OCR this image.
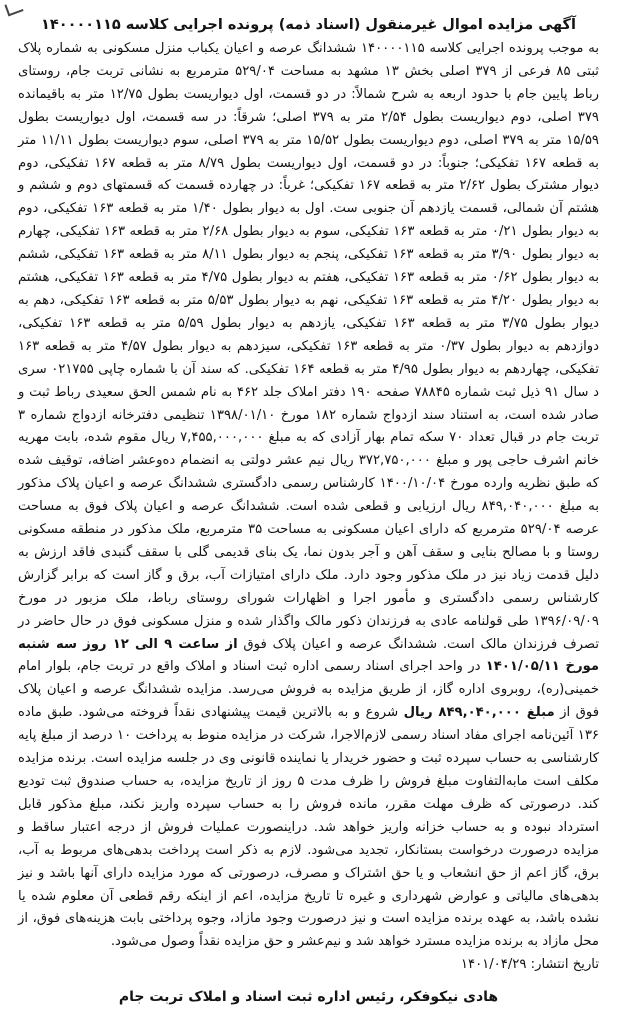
آگهی مزایده اموال غیرمنقول (اسناد ذمه) پرونده اجرایی کلاسه ۱۴۰۰۰۰۱۱۵

به موجب پرونده اجرایی کلاسه ۱۴۰۰۰۰۱۱۵ ششدانگ عرصه و اعیان یکباب منزل مسکونی به شماره پلاک ثبتی ۸۵ فرعی از ۳۷۹ اصلی بخش ۱۳ مشهد به مساحت ۵۲۹/۰۴ مترمربع به نشانی تربت جام، روستای رباط پایین جام با حدود اربعه به شرح شمالاً: در دو قسمت، اول دیواریست بطول ۱۲/۷۵ متر به باقیمانده ۳۷۹ اصلی، دوم دیواریست بطول ۲/۵۴ متر به ۳۷۹ اصلی؛ شرقاً: در سه قسمت، اول دیواریست بطول ۱۵/۵۹ متر به ۳۷۹ اصلی، دوم دیواریست بطول ۱۵/۵۲ متر به ۳۷۹ اصلی، سوم دیواریست بطول ۱۱/۱۱ متر به قطعه ۱۶۷ تفکیکی؛ جنوباً: در دو قسمت، اول دیواریست بطول ۸/۷۹ متر به قطعه ۱۶۷ تفکیکی، دوم دیوار مشترک بطول ۲/۶۲ متر به قطعه ۱۶۷ تفکیکی؛ غرباً: در چهارده قسمت که قسمتهای دوم و ششم و هشتم آن شمالی، قسمت یازدهم آن جنوبی ست. اول به دیوار بطول ۱/۴۰ متر به قطعه ۱۶۳ تفکیکی، دوم به دیوار بطول ۰/۲۱ متر به قطعه ۱۶۳ تفکیکی، سوم به دیوار بطول ۲/۶۸ متر به قطعه ۱۶۳ تفکیکی، چهارم به دیوار بطول ۳/۹۰ متر به قطعه ۱۶۳ تفکیکی، پنجم به دیوار بطول ۸/۱۱ متر به قطعه ۱۶۳ تفکیکی، ششم به دیوار بطول ۰/۶۲ متر به قطعه ۱۶۳ تفکیکی، هفتم به دیوار بطول ۴/۷۵ متر به قطعه ۱۶۳ تفکیکی، هشتم به دیوار بطول ۴/۲۰ متر به قطعه ۱۶۳ تفکیکی، نهم به دیوار بطول ۵/۵۳ متر به قطعه ۱۶۳ تفکیکی، دهم به دیوار بطول ۳/۷۵ متر به قطعه ۱۶۳ تفکیکی، یازدهم به دیوار بطول ۵/۵۹ متر به قطعه ۱۶۳ تفکیکی، دوازدهم به دیوار بطول ۰/۳۷ متر به قطعه ۱۶۳ تفکیکی، سیزدهم به دیوار بطول ۴/۵۷ متر به قطعه ۱۶۳ تفکیکی، چهاردهم به دیوار بطول ۴/۹۵ متر به قطعه ۱۶۴ تفکیکی. که سند آن با شماره چاپی ۰۲۱۷۵۵ سری د سال ۹۱ ذیل ثبت شماره ۷۸۸۴۵ صفحه ۱۹۰ دفتر املاک جلد ۴۶۲ به نام شمس الحق سعیدی رباط ثبت و صادر شده است، به استناد سند ازدواج شماره ۱۸۲ مورخ ۱۳۹۸/۰۱/۱۰ تنظیمی دفترخانه ازدواج شماره ۳ تربت جام در قبال تعداد ۷۰ سکه تمام بهار آزادی که به مبلغ ۷,۴۵۵,۰۰۰,۰۰۰ ریال مقوم شده، بابت مهریه خانم اشرف حاجی پور و مبلغ ۳۷۲,۷۵۰,۰۰۰ ریال نیم عشر دولتی به انضمام ده‌وعشر اضافه، توقیف شده که طبق نظریه وارده مورخ ۱۴۰۰/۱۰/۰۴ کارشناس رسمی دادگستری ششدانگ عرصه و اعیان پلاک مذکور به مبلغ ۸۴۹,۰۴۰,۰۰۰ ریال ارزیابی و قطعی شده است. ششدانگ عرصه و اعیان پلاک فوق به مساحت عرصه ۵۲۹/۰۴ مترمربع که دارای اعیان مسکونی به مساحت ۳۵ مترمربع، ملک مذکور در منطقه مسکونی روستا و با مصالح بنایی و سقف آهن و آجر بدون نما، یک بنای قدیمی گلی با سقف گنبدی فاقد ارزش به دلیل قدمت زیاد نیز در ملک مذکور وجود دارد. ملک دارای امتیازات آب، برق و گاز است که برابر گزارش کارشناس رسمی دادگستری و مأمور اجرا و اظهارات شورای روستای رباط، ملک مزبور در مورخ ۱۳۹۶/۰۹/۰۹ طی قولنامه عادی به فرزندان ذکور مالک واگذار شده و منزل مسکونی فوق در حال حاضر در تصرف فرزندان مالک است. ششدانگ عرصه و اعیان پلاک فوق از ساعت ۹ الی ۱۲ روز سه شنبه مورخ ۱۴۰۱/۰۵/۱۱ در واحد اجرای اسناد رسمی اداره ثبت اسناد و املاک واقع در تربت جام، بلوار امام خمینی(ره)، روبروی اداره گاز، از طریق مزایده به فروش می‌رسد. مزایده ششدانگ عرصه و اعیان پلاک فوق از مبلغ ۸۴۹,۰۴۰,۰۰۰ ریال شروع و به بالاترین قیمت پیشنهادی نقداً فروخته می‌شود. طبق ماده ۱۳۶ آئین‌نامه اجرای مفاد اسناد رسمی لازم‌الاجرا، شرکت در مزایده منوط به پرداخت ۱۰ درصد از مبلغ پایه کارشناسی به حساب سپرده ثبت و حضور خریدار یا نماینده قانونی وی در جلسه مزایده است. برنده مزایده مکلف است مابه‌التفاوت مبلغ فروش را ظرف مدت ۵ روز از تاریخ مزایده، به حساب صندوق ثبت تودیع کند. درصورتی که ظرف مهلت مقرر، مانده فروش را به حساب سپرده واریز نکند، مبلغ مذکور قابل استرداد نبوده و به حساب خزانه واریز خواهد شد. دراینصورت عملیات فروش از درجه اعتبار ساقط و مزایده درصورت درخواست بستانکار، تجدید می‌شود. لازم به ذکر است پرداخت بدهی‌های مربوط به آب، برق، گاز اعم از حق انشعاب و یا حق اشتراک و مصرف، درصورتی که مورد مزایده دارای آنها باشد و نیز بدهی‌های مالیاتی و عوارض شهرداری و غیره تا تاریخ مزایده، اعم از اینکه رقم قطعی آن معلوم شده یا نشده باشد، به عهده برنده مزایده است و نیز درصورت وجود مازاد، وجوه پرداختی بابت هزینه‌های فوق، از محل مازاد به برنده مزایده مسترد خواهد شد و نیم‌عشر و حق مزایده نقداً وصول می‌شود.

تاریخ انتشار: ۱۴۰۱/۰۴/۲۹

هادی نیکوفکر، رئیس اداره ثبت اسناد و املاک تربت جام
